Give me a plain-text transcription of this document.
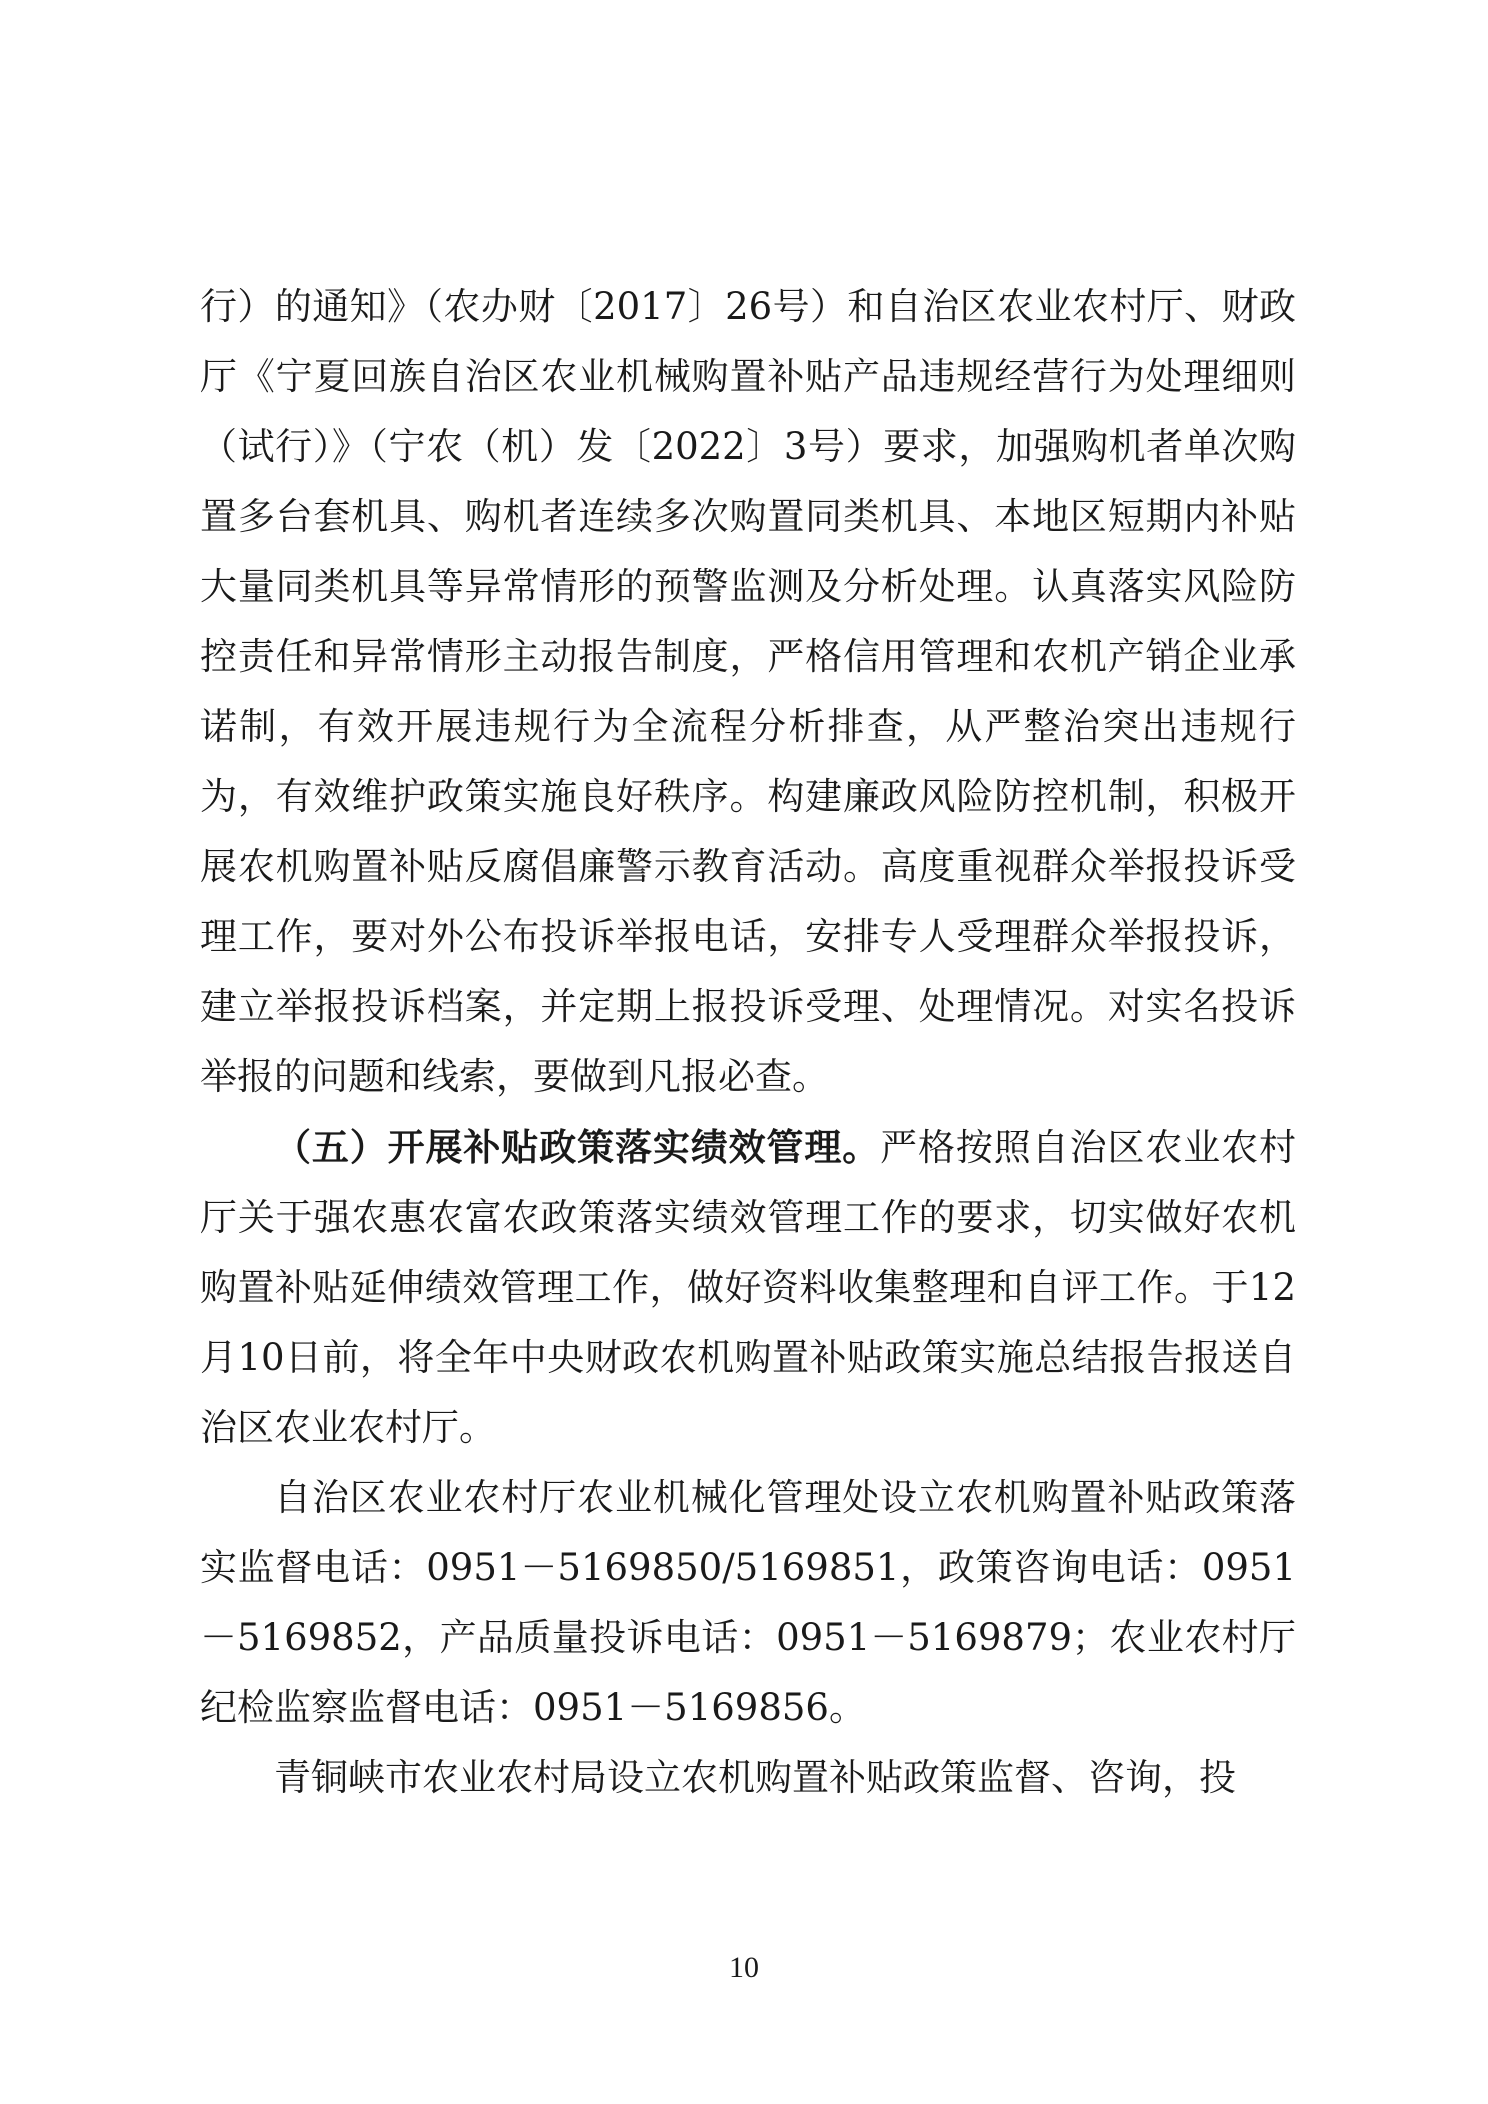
行）的通知》（农办财〔2017〕26号）和自治区农业农村厅、财政厅《宁夏回族自治区农业机械购置补贴产品违规经营行为处理细则（试行）》（宁农（机）发〔2022〕3号）要求，加强购机者单次购置多台套机具、购机者连续多次购置同类机具、本地区短期内补贴大量同类机具等异常情形的预警监测及分析处理。认真落实风险防控责任和异常情形主动报告制度，严格信用管理和农机产销企业承诺制，有效开展违规行为全流程分析排查，从严整治突出违规行为，有效维护政策实施良好秩序。构建廉政风险防控机制，积极开展农机购置补贴反腐倡廉警示教育活动。高度重视群众举报投诉受理工作，要对外公布投诉举报电话，安排专人受理群众举报投诉，建立举报投诉档案，并定期上报投诉受理、处理情况。对实名投诉举报的问题和线索，要做到凡报必查。

（五）开展补贴政策落实绩效管理。严格按照自治区农业农村厅关于强农惠农富农政策落实绩效管理工作的要求，切实做好农机购置补贴延伸绩效管理工作，做好资料收集整理和自评工作。于12月10日前，将全年中央财政农机购置补贴政策实施总结报告报送自治区农业农村厅。

自治区农业农村厅农业机械化管理处设立农机购置补贴政策落实监督电话：0951－5169850/5169851，政策咨询电话：0951－5169852，产品质量投诉电话：0951－5169879；农业农村厅纪检监察监督电话：0951－5169856。

青铜峡市农业农村局设立农机购置补贴政策监督、咨询，投

10
